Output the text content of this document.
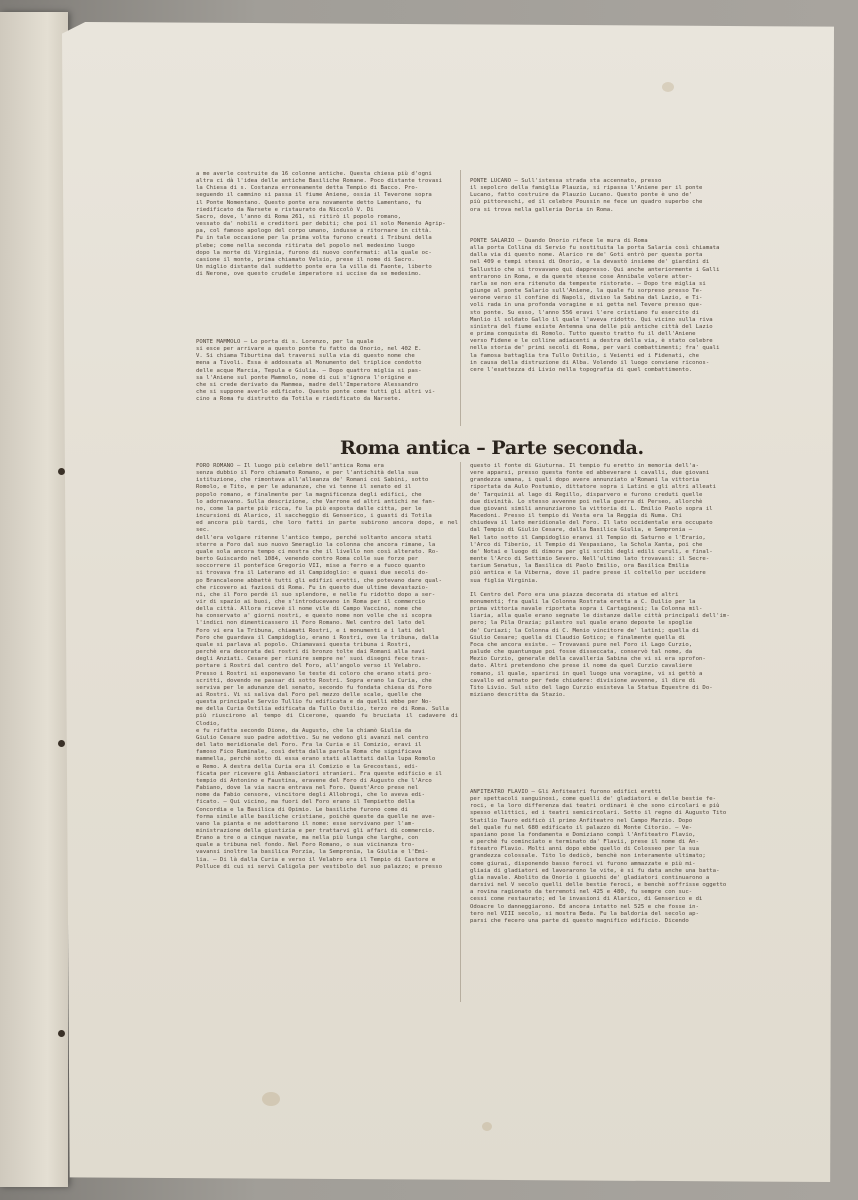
a me averle costruite da 16 colonne antiche. Questa chiesa più d'ogni
altra ci dà l'idea delle antiche Basiliche Romane. Poco distante trovasi
la Chiesa di s. Costanza erroneamente detta Tempio di Bacco. Pro-
seguendo il cammino si passa il fiume Aniene, ossia il Teverone sopra
il Ponte Nomentano. Questo ponte era novamente detto Lamentano, fu
riedificato da Narsete e ristaurato da Niccolò V. Di
Sacro, dove, l'anno di Roma 261, si ritirò il popolo romano,
vessato da' nobili e creditori per debiti; che poi il solo Menenio Agrip-
pa, col famoso apologo del corpo umano, indusse a ritornare in città.
Fu in tale occasione per la prima volta furono creati i Tribuni della
plebe; come nella seconda ritirata del popolo nel medesimo luogo
dopo la morte di Virginia, furono di nuovo confermati: alla quale oc-
casione il monte, prima chiamato Velsio, prese il nome di Sacro.
Un miglio distante dal suddetto ponte era la villa di Faonte, liberto
di Nerone, ove questo crudele imperatore si uccise da se medesimo.
PONTE MAMMOLO — Lo porta di s. Lorenzo, per la quale
si esce per arrivare a questo ponte fu fatto da Onorio, nel 402 E.
V. Si chiama Tiburtina dal traversi sulla via di questo nome che
mena a Tivoli. Essa è addossata al Monumento del triplice condotto
delle acque Marcia, Tepula e Giulia. — Dopo quattro miglia si pas-
sa l'Aniene sul ponte Mammolo, nome di cui s'ignora l'origine e
che si crede derivato da Mammea, madre dell'Imperatore Alessandro
che si suppone averlo edificato. Questo ponte come tutti gli altri vi-
cino a Roma fu distrutto da Totila e riedificato da Narsete.
PONTE LUCANO — Sull'istessa strada sta accennato, presso
il sepolcro della famiglia Plauzia, si ripassa l'Aniene per il ponte
Lucano, fatto costruire da Plauzio Lucano. Questo ponte è uno de'
più pittoreschi, ed il celebre Poussin ne fece un quadro superbo che
ora si trova nella galleria Doria in Roma.
PONTE SALARIO — Quando Onorio rifece le mura di Roma
alla porta Collina di Servio fu sostituita la porta Salaria così chiamata
dalla via di questo nome. Alarico re de' Goti entrò per questa porta
nel 409 e tempi stessi di Onorio, e la devastò insieme de' giardini di
Sallustio che si trovavano qui dappresso. Qui anche anteriormente i Galli
entrarono in Roma, e da queste stesse cose Annibale volere atter-
rarla se non era ritenuto da tempeste ristorate. — Dopo tre miglia si
giunge al ponte Salario sull'Aniene, la quale fu sorpreso presso Te-
verone verso il confine di Napoli, diviso la Sabina dal Lazio, e Ti-
voli rada in una profonda voragine e si getta nel Tevere presso que-
sto ponte. Su esso, l'anno 556 eravi l'ere cristiano fu esercito di
Manlio il soldato Gallo il quale l'aveva ridotto. Qui vicino sulla riva
sinistra del fiume esiste Antemna una delle più antiche città del Lazio
e prima conquista di Romolo. Tutto questo tratto fu il dell'Aniene
verso Fidene e le colline adiacenti a destra della via, è stato celebre
nella storia de' primi secoli di Roma, per vari combattimenti; fra' quali
la famosa battaglia tra Tullo Ostilio, i Veienti ed i Fidenati, che
in causa della distruzione di Alba. Volendo il luogo conviene riconos-
cere l'esattezza di Livio nella topografia di quel combattimento.
Roma antica – Parte seconda.
FORO ROMANO — Il luogo più celebre dell'antica Roma era
senza dubbio il Foro chiamato Romano, e per l'antichità della sua
istituzione, che rimontava all'alleanza de' Romani coi Sabini, sotto
Romolo, e Tito, e per le adunanze, che vi tenne il senato ed il
popolo romano, e finalmente per la magnificenza degli edifici, che
lo adornavano. Sulla descrizione, che Varrone ed altri antichi ne fan-
no, come la parte più ricca, fu la più esposta dalle citta, per le
incursioni di Alarico, il saccheggio di Genserico, i guasti di Totila
ed ancora più tardi, che loro fatti in parte subirono ancora dopo, e nel sec.
dell'era volgare ritenne l'antico tempo, perché soltanto ancora stati
sterre a Foro dal suo nuovo Smeraglio la colonna che ancora rimane, la
quale sola ancora tempo ci mostra che il livello non così alterato. Ro-
berto Guiscardo nel 1084, venendo contro Roma colle sue forze per
soccorrere il pontefice Gregorio VII, mise a ferro e a fuoco quanto
si trovava fra il Laterano ed il Campidoglio: e quasi due secoli do-
po Brancaleone abbattè tutti gli edifizi eretti, che potevano dare qual-
che ricovero ai faziosi di Roma. Fu in questo due ultime devastazio-
ni, che il Foro perdè il suo splendore, e nelle fu ridotto dopo a ser-
vir di spazio ai buoi, che s'introducevano in Roma per il commercio
della città. Allora ricevè il nome vile di Campo Vaccino, nome che
ha conservato a' giorni nostri, e questo nome non volle che si scopra
l'indici non dimenticassero il Foro Romano. Nel centro del lato del
Foro vi era la Tribuna, chiamati Rostri, e i monumenti e i lati del
Foro che guardava il Campidoglio, erano i Rostri, ove la tribuna, dalla
quale si parlava al popolo. Chiamavasi questa tribuna i Rostri,
perchè era decorata dei rostri di bronzo tolte dai Romani alla navi
degli Anziati. Cesare per riunire sempre ne' suoi disegni fece tras-
portare i Rostri dal centro del Foro, all'angolo verso il Velabro.
Presso i Rostri si esponevano le teste di coloro che erano stati pro-
scritti, dovendo ne passar di sotto Rostri. Sopra erano la Curia, che
serviva per le adunanze del senato, secondo fu fondata chiesa di Foro
ai Rostri. Vi si saliva dal Foro pel mezzo delle scale, quelle che
questa principale Servio Tullio fu edificata e da quelli ebbe per No-
me della Curia Ostilia edificata da Tullo Ostilio, terzo re di Roma. Sulla
più riuscirono al tempo di Cicerone, quando fu bruciata il cadavere di Clodio,
e fu rifatta secondo Dione, da Augusto, che la chiamò Giulia da
Giulio Cesare suo padre adottivo. Su ne vedono gli avanzi nel centro
del lato meridionale del Foro. Fra la Curia e il Comizio, eravi il
famoso Fico Ruminale, così detta dalla parola Roma che significava
mammella, perchè sotto di essa erano stati allattati dalla lupa Romolo
e Remo. A destra della Curia era il Comizio e la Grecostasi, edi-
ficata per ricevere gli Ambasciatori stranieri. Fra queste edificio e il
tempio di Antonino e Faustina, eravene del Foro di Augusto che l'Arco
Fabiano, dove la via sacra entrava nel Foro. Quest'Arco prese nel
nome da Fabio censore, vincitore degli Allobrogi, che lo aveva edi-
ficato. — Qui vicino, ma fuori del Foro erano il Tempietto della
Concordia e la Basilica di Opimio. Le basiliche furono come di
forma simile alle basiliche cristiane, poichè queste da quelle ne ave-
vano la pianta e ne adottarono il nome: esse servivano per l'am-
ministrazione della giustizia e per trattarvi gli affari di commercio.
Erano a tre o a cinque navate, ma nella più lunga che larghe, con
quale a tribuna nel fondo. Nel Foro Romano, o sua vicinanza tro-
vavansi inoltre la basilica Porzia, la Sempronia, la Giulia e l'Emi-
lia. — Di là dalla Curia e verso il Velabro era il Tempio di Castore e
Polluce di cui si servì Caligola per vestibolo del suo palazzo; e presso
questo il fonte di Giuturna. Il tempio fu eretto in memoria dell'a-
vere apparsi, presso questa fonte ed abbeverare i cavalli, due giovani
grandezza umana, i quali dopo avere annunziato a'Romani la vittoria
riportata da Aulo Postumio, dittatore sopra i Latini e gli altri alleati
de' Tarquinii al lago di Regillo, disparvero e furono creduti quelle
due divinità. Lo stesso avvenne poi nella guerra di Perseo, allorchè
due giovani simili annunziarono la vittoria di L. Emilio Paolo sopra il
Macedoni. Presso il tempio di Vesta era la Reggia di Numa. Chi
chiudeva il lato meridionale del Foro. Il lato occidentale era occupato
dal Tempio di Giulio Cesare, dalla Basilica Giulia, e Sempronia —
Nel lato sotto il Campidoglio eranvi il Tempio di Saturno e l'Erario,
l'Arco di Tiberio, il Tempio di Vespasiano, la Schola Xanta, poi che
de' Notai e luogo di dimora per gli scribi degli edili curuli, e final-
mente l'Arco di Settimio Severo. Nell'ultimo lato trovavasi: il Secre-
tarium Senatus, la Basilica di Paolo Emilio, ora Basilica Emilia
più antica e la Viberna, dove il padre prese il coltello per uccidere
sua figlia Virginia.
Il Centro del Foro era una piazza decorata di statue ed altri
monumenti; fra quali la Colonna Rostrata eretta a C. Duilio per la
prima vittoria navale riportata sopra i Cartaginesi; la Colonna mil-
liaria, alla quale erano segnate le distanze dalle città principali dell'im-
pero; la Pila Orazia; pilastro sul quale erano deposte le spoglie
de' Curiazi; la Colonna di C. Menio vincitore de' latini; quella di
Giulio Cesare; quella di Claudio Gotico; e finalmente quella di
Foca che ancora esiste. — Trovavasi pure nel Foro il Lago Curzio,
palude che quantunque poi fosse disseccata, conservò tal nome, da
Mezio Curzio, generale della cavalleria Sabina che vi si era sprofon-
dato. Altri pretendono che prese il nome da quel Curzio cavaliere
romano, il quale, sparirsi in quel luogo una voragine, vi si gettò a
cavallo ed armato per fede chiudere: divisione avvenne, il dire di
Tito Livio. Sul sito del lago Curzio esisteva la Statua Equestre di Do-
miziano descritta da Stazio.
ANFITEATRO FLAVIO — Gli Anfiteatri furono edifici eretti
per spettacoli sanguinosi, come quelli de' gladiatori e delle bestie fe-
roci, e la loro differenza dai teatri ordinari è che sono circolari e più
spesso ellittici, ed i teatri semicircolari. Sotto il regno di Augusto Tito
Statilio Tauro edificò il primo Anfiteatro nel Campo Marzio. Dopo
del quale fu nel 680 edificato il palazzo di Monte Citorio. — Ve-
spasiano pose la fondamenta e Domiziano compì l'Anfiteatro Flavio,
e perchè fu cominciato e terminato da' Flavii, prese il nome di An-
fiteatro Flavio. Molti anni dopo ebbe quello di Colosseo per la sua
grandezza colossale. Tito lo dedicò, benchè non interamente ultimato;
come giurai, disponendo basso feroci vi furono ammazzate e più mi-
gliaia di gladiatori ed lavorarono le vite, è si fu data anche una batta-
glia navale. Abolito da Onorio i giuochi de' gladiatori continuarono a
darsivi nel V secolo quelli delle bestie feroci, e benchè soffrisse oggetto
a rovina ragionato da terremoti nel 425 e 480, fu sempre con suc-
cessi come restaurato; ed le invasioni di Alarico, di Genserico e di
Odoacre lo danneggiarono. Ed ancora intatto nel 525 e che fosse in-
tero nel VIII secolo, si mostra Beda. Fu la baldoria del secolo ap-
parsi che fecero una parte di questo magnifico edificio. Dicendo
